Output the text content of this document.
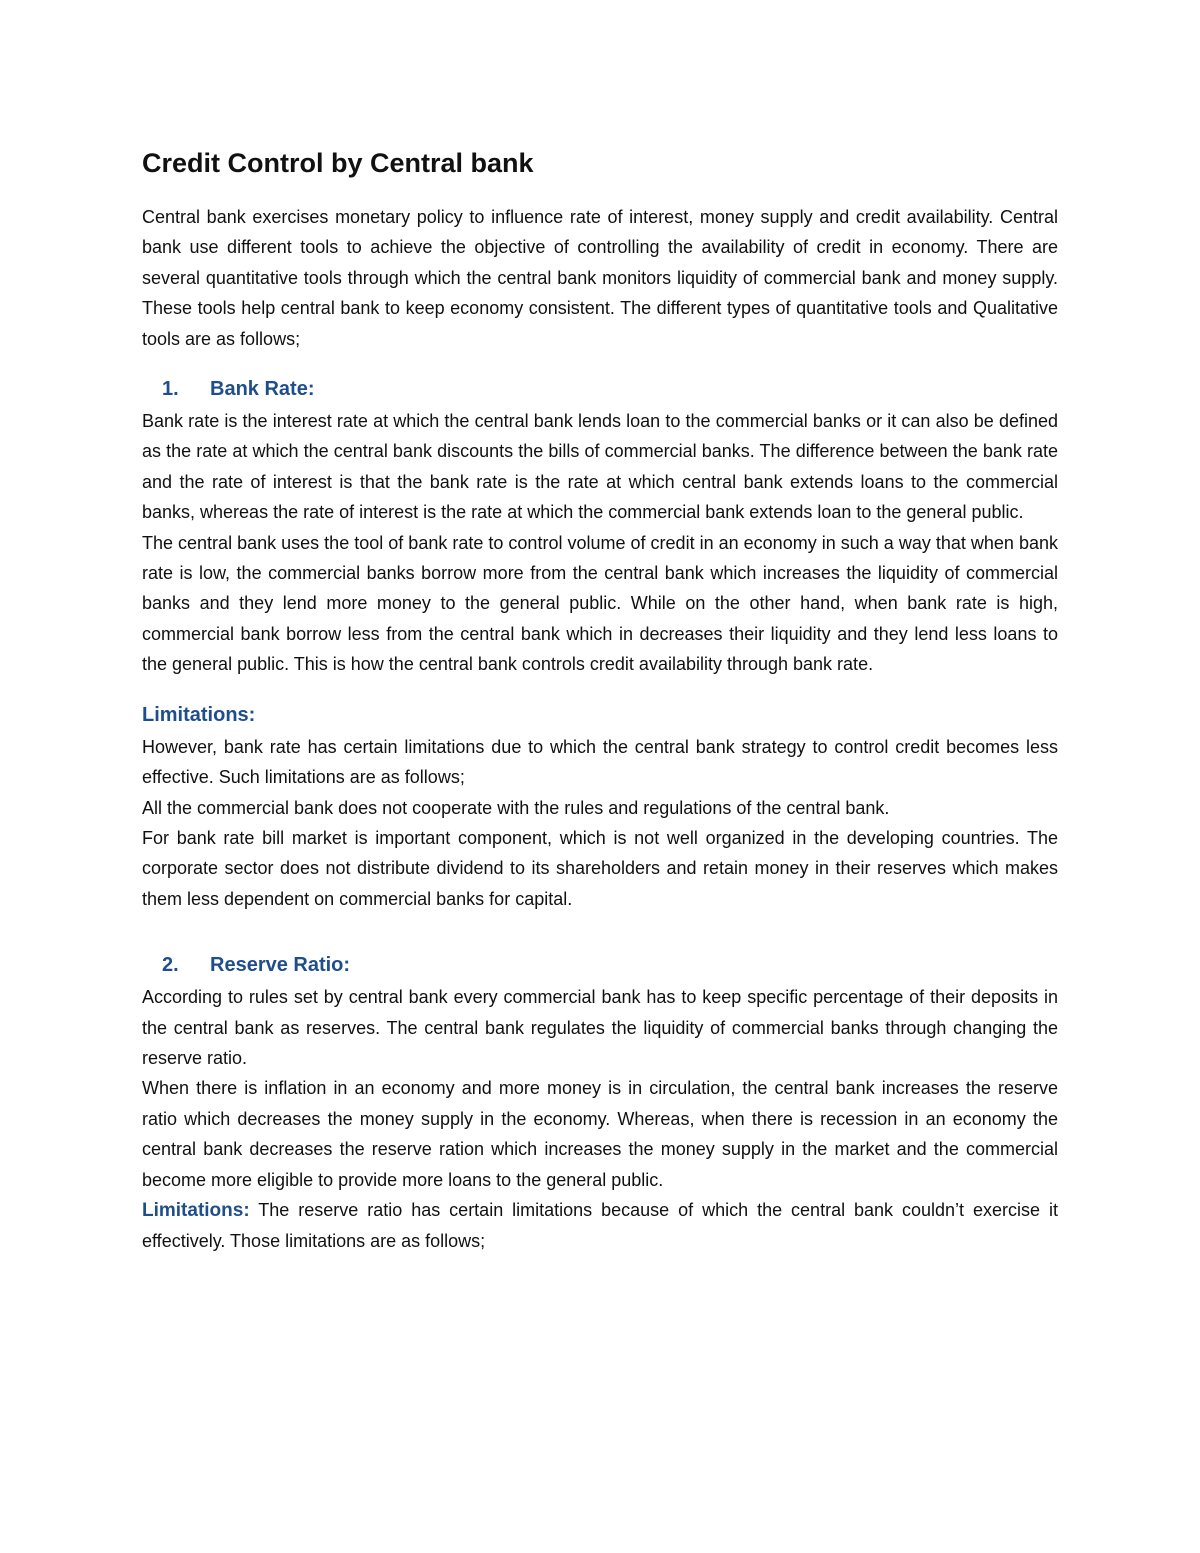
Credit Control by Central bank

Central bank exercises monetary policy to influence rate of interest, money supply and credit availability. Central bank use different tools to achieve the objective of controlling the availability of credit in economy. There are several quantitative tools through which the central bank monitors liquidity of commercial bank and money supply. These tools help central bank to keep economy consistent. The different types of quantitative tools and Qualitative tools are as follows;

1. Bank Rate:

Bank rate is the interest rate at which the central bank lends loan to the commercial banks or it can also be defined as the rate at which the central bank discounts the bills of commercial banks. The difference between the bank rate and the rate of interest is that the bank rate is the rate at which central bank extends loans to the commercial banks, whereas the rate of interest is the rate at which the commercial bank extends loan to the general public.

The central bank uses the tool of bank rate to control volume of credit in an economy in such a way that when bank rate is low, the commercial banks borrow more from the central bank which increases the liquidity of commercial banks and they lend more money to the general public. While on the other hand, when bank rate is high, commercial bank borrow less from the central bank which in decreases their liquidity and they lend less loans to the general public. This is how the central bank controls credit availability through bank rate.

Limitations:

However, bank rate has certain limitations due to which the central bank strategy to control credit becomes less effective. Such limitations are as follows;

All the commercial bank does not cooperate with the rules and regulations of the central bank.

For bank rate bill market is important component, which is not well organized in the developing countries. The corporate sector does not distribute dividend to its shareholders and retain money in their reserves which makes them less dependent on commercial banks for capital.

2. Reserve Ratio:

According to rules set by central bank every commercial bank has to keep specific percentage of their deposits in the central bank as reserves. The central bank regulates the liquidity of commercial banks through changing the reserve ratio.

When there is inflation in an economy and more money is in circulation, the central bank increases the reserve ratio which decreases the money supply in the economy. Whereas, when there is recession in an economy the central bank decreases the reserve ration which increases the money supply in the market and the commercial become more eligible to provide more loans to the general public.

Limitations: The reserve ratio has certain limitations because of which the central bank couldn’t exercise it effectively. Those limitations are as follows;
